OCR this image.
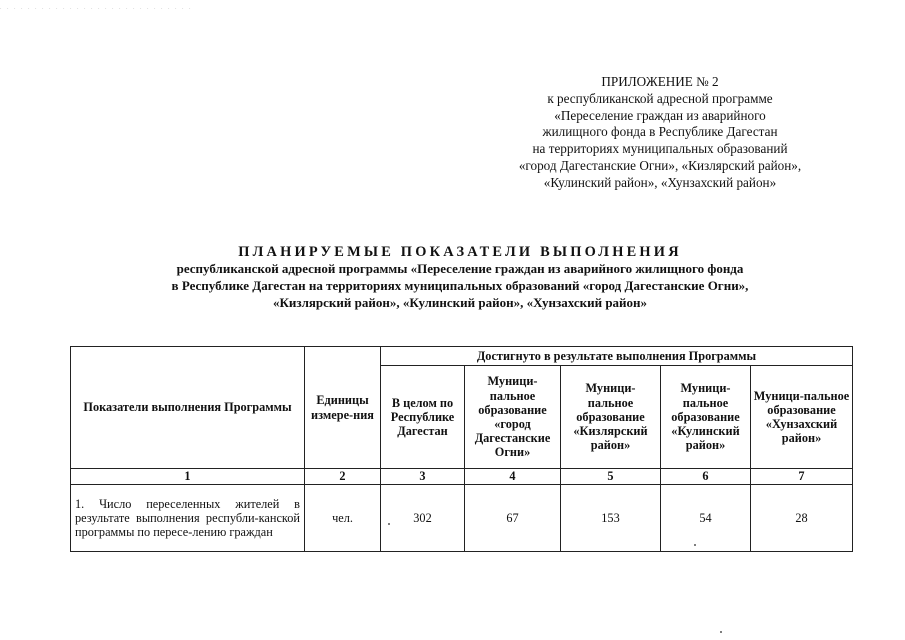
. . . . . . . . . . . . . . . . . . . . . . . . . . . .
ПРИЛОЖЕНИЕ № 2
к республиканской адресной программе
«Переселение граждан из аварийного
жилищного фонда в Республике Дагестан
на территориях муниципальных образований
«город Дагестанские Огни», «Кизлярский район»,
«Кулинский район», «Хунзахский район»
ПЛАНИРУЕМЫЕ ПОКАЗАТЕЛИ ВЫПОЛНЕНИЯ
республиканской адресной программы «Переселение граждан из аварийного жилищного фонда
в Республике Дагестан на территориях муниципальных образований «город Дагестанские Огни»,
«Кизлярский район», «Кулинский район», «Хунзахский район»
Показатели выполнения Программы	Единицы измере-ния	Достигнуто в результате выполнения Программы				
		В целом по Республике Дагестан	Муници-пальное образование «город Дагестанские Огни»	Муници-пальное образование «Кизлярский район»	Муници-пальное образование «Кулинский район»	Муници-пальное образование «Хунзахский район»
1	2	3	4	5	6	7
1. Число переселенных жителей в результате выполнения республи-канской программы по пересе-лению граждан	чел.	302	67	153	54	28
